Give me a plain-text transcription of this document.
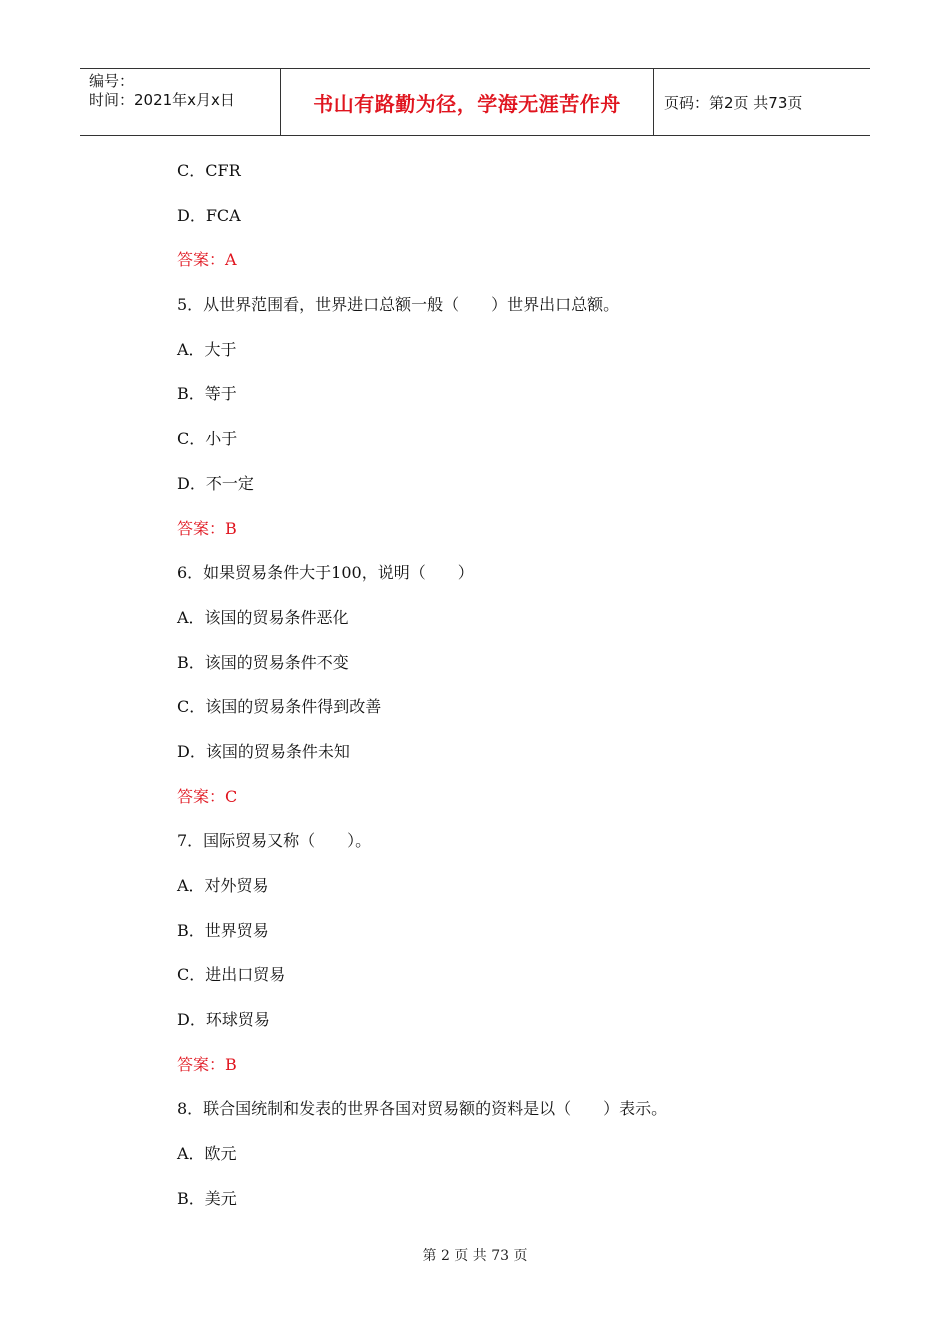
编号：
时间：2021年x月x日	书山有路勤为径，学海无涯苦作舟	页码：第2页 共73页
C．CFR
D．FCA
答案：A
5．从世界范围看，世界进口总额一般（　　）世界出口总额。
A．大于
B．等于
C．小于
D．不一定
答案：B
6．如果贸易条件大于100，说明（　　）
A．该国的贸易条件恶化
B．该国的贸易条件不变
C．该国的贸易条件得到改善
D．该国的贸易条件未知
答案：C
7．国际贸易又称（　　）。
A．对外贸易
B．世界贸易
C．进出口贸易
D．环球贸易
答案：B
8．联合国统制和发表的世界各国对贸易额的资料是以（　　）表示。
A．欧元
B．美元
第 2 页 共 73 页
